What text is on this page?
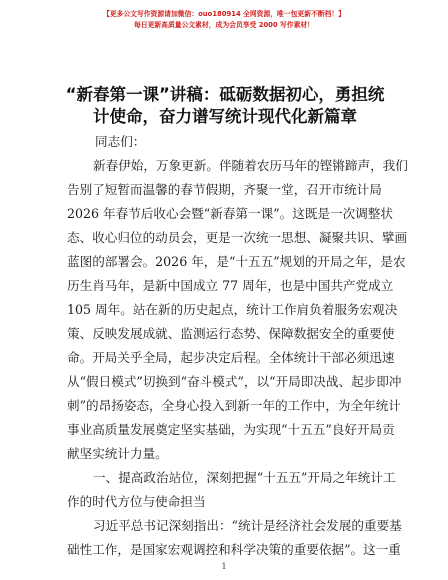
【更多公文写作资源请加微信：ouo180914 全网资源，唯一包更新不断档！】
每日更新高质量公文素材，成为会员享受 2000 写作素材！
“新春第一课”讲稿：砥砺数据初心，勇担统
计使命，奋力谱写统计现代化新篇章
同志们：
新春伊始，万象更新。伴随着农历马年的铿锵蹄声，我们
告别了短暂而温馨的春节假期，齐聚一堂，召开市统计局
2026 年春节后收心会暨“新春第一课”。这既是一次调整状
态、收心归位的动员会，更是一次统一思想、凝聚共识、擘画
蓝图的部署会。2026 年，是“十五五”规划的开局之年，是农
历生肖马年，是新中国成立 77 周年，也是中国共产党成立
105 周年。站在新的历史起点，统计工作肩负着服务宏观决
策、反映发展成就、监测运行态势、保障数据安全的重要使
命。开局关乎全局，起步决定后程。全体统计干部必须迅速
从“假日模式”切换到“奋斗模式”，以“开局即决战、起步即冲
刺”的昂扬姿态，全身心投入到新一年的工作中，为全年统计
事业高质量发展奠定坚实基础，为实现“十五五”良好开局贡
献坚实统计力量。
一、提高政治站位，深刻把握“十五五”开局之年统计工
作的时代方位与使命担当
习近平总书记深刻指出：“统计是经济社会发展的重要基
础性工作，是国家宏观调控和科学决策的重要依据”。这一重
1
